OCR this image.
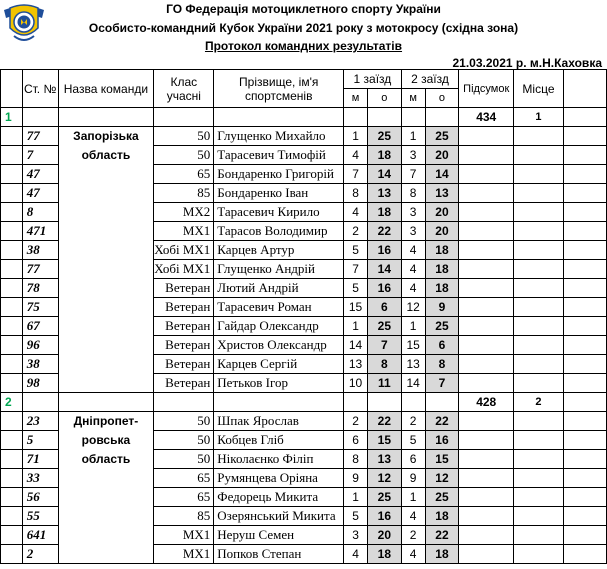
ГО Федерація мотоциклетного спорту України
Особисто-командний Кубок України 2021 року з мотокросу (східна зона)
Протокол командних результатів
21.03.2021 р. м.Н.Каховка
	Ст. №	Назва команди	Клас учасні	Прізвище, ім'я спортсменів	1 заїзд		2 заїзд		Підсумок	Місце	
					м	о	м	о			
1									434	1	
	77	Запорізька	50	Глущенко Михайло	1	25	1	25			
	7	область	50	Тарасевич Тимофій	4	18	3	20			
	47		65	Бондаренко Григорій	7	14	7	14			
	47		85	Бондаренко Іван	8	13	8	13			
	8		MX2	Тарасевич Кирило	4	18	3	20			
	471		MX1	Тарасов Володимир	2	22	3	20			
	38		Хобі MX1	Карцев Артур	5	16	4	18			
	77		Хобі MX1	Глущенко Андрій	7	14	4	18			
	78		Ветеран	Лютий Андрій	5	16	4	18			
	75		Ветеран	Тарасевич Роман	15	6	12	9			
	67		Ветеран	Гайдар Олександр	1	25	1	25			
	96		Ветеран	Христов Олександр	14	7	15	6			
	38		Ветеран	Карцев Сергій	13	8	13	8			
	98		Ветеран	Петьков Ігор	10	11	14	7			
2									428	2	
	23	Дніпропет-	50	Шпак Ярослав	2	22	2	22			
	5	ровська	50	Кобцев Гліб	6	15	5	16			
	71	область	50	Ніколаєнко Філіп	8	13	6	15			
	33		65	Румянцева Оріяна	9	12	9	12			
	56		65	Федорець Микита	1	25	1	25			
	55		85	Озерянський Микита	5	16	4	18			
	641		MX1	Неруш Семен	3	20	2	22			
	2		MX1	Попков Степан	4	18	4	18			
